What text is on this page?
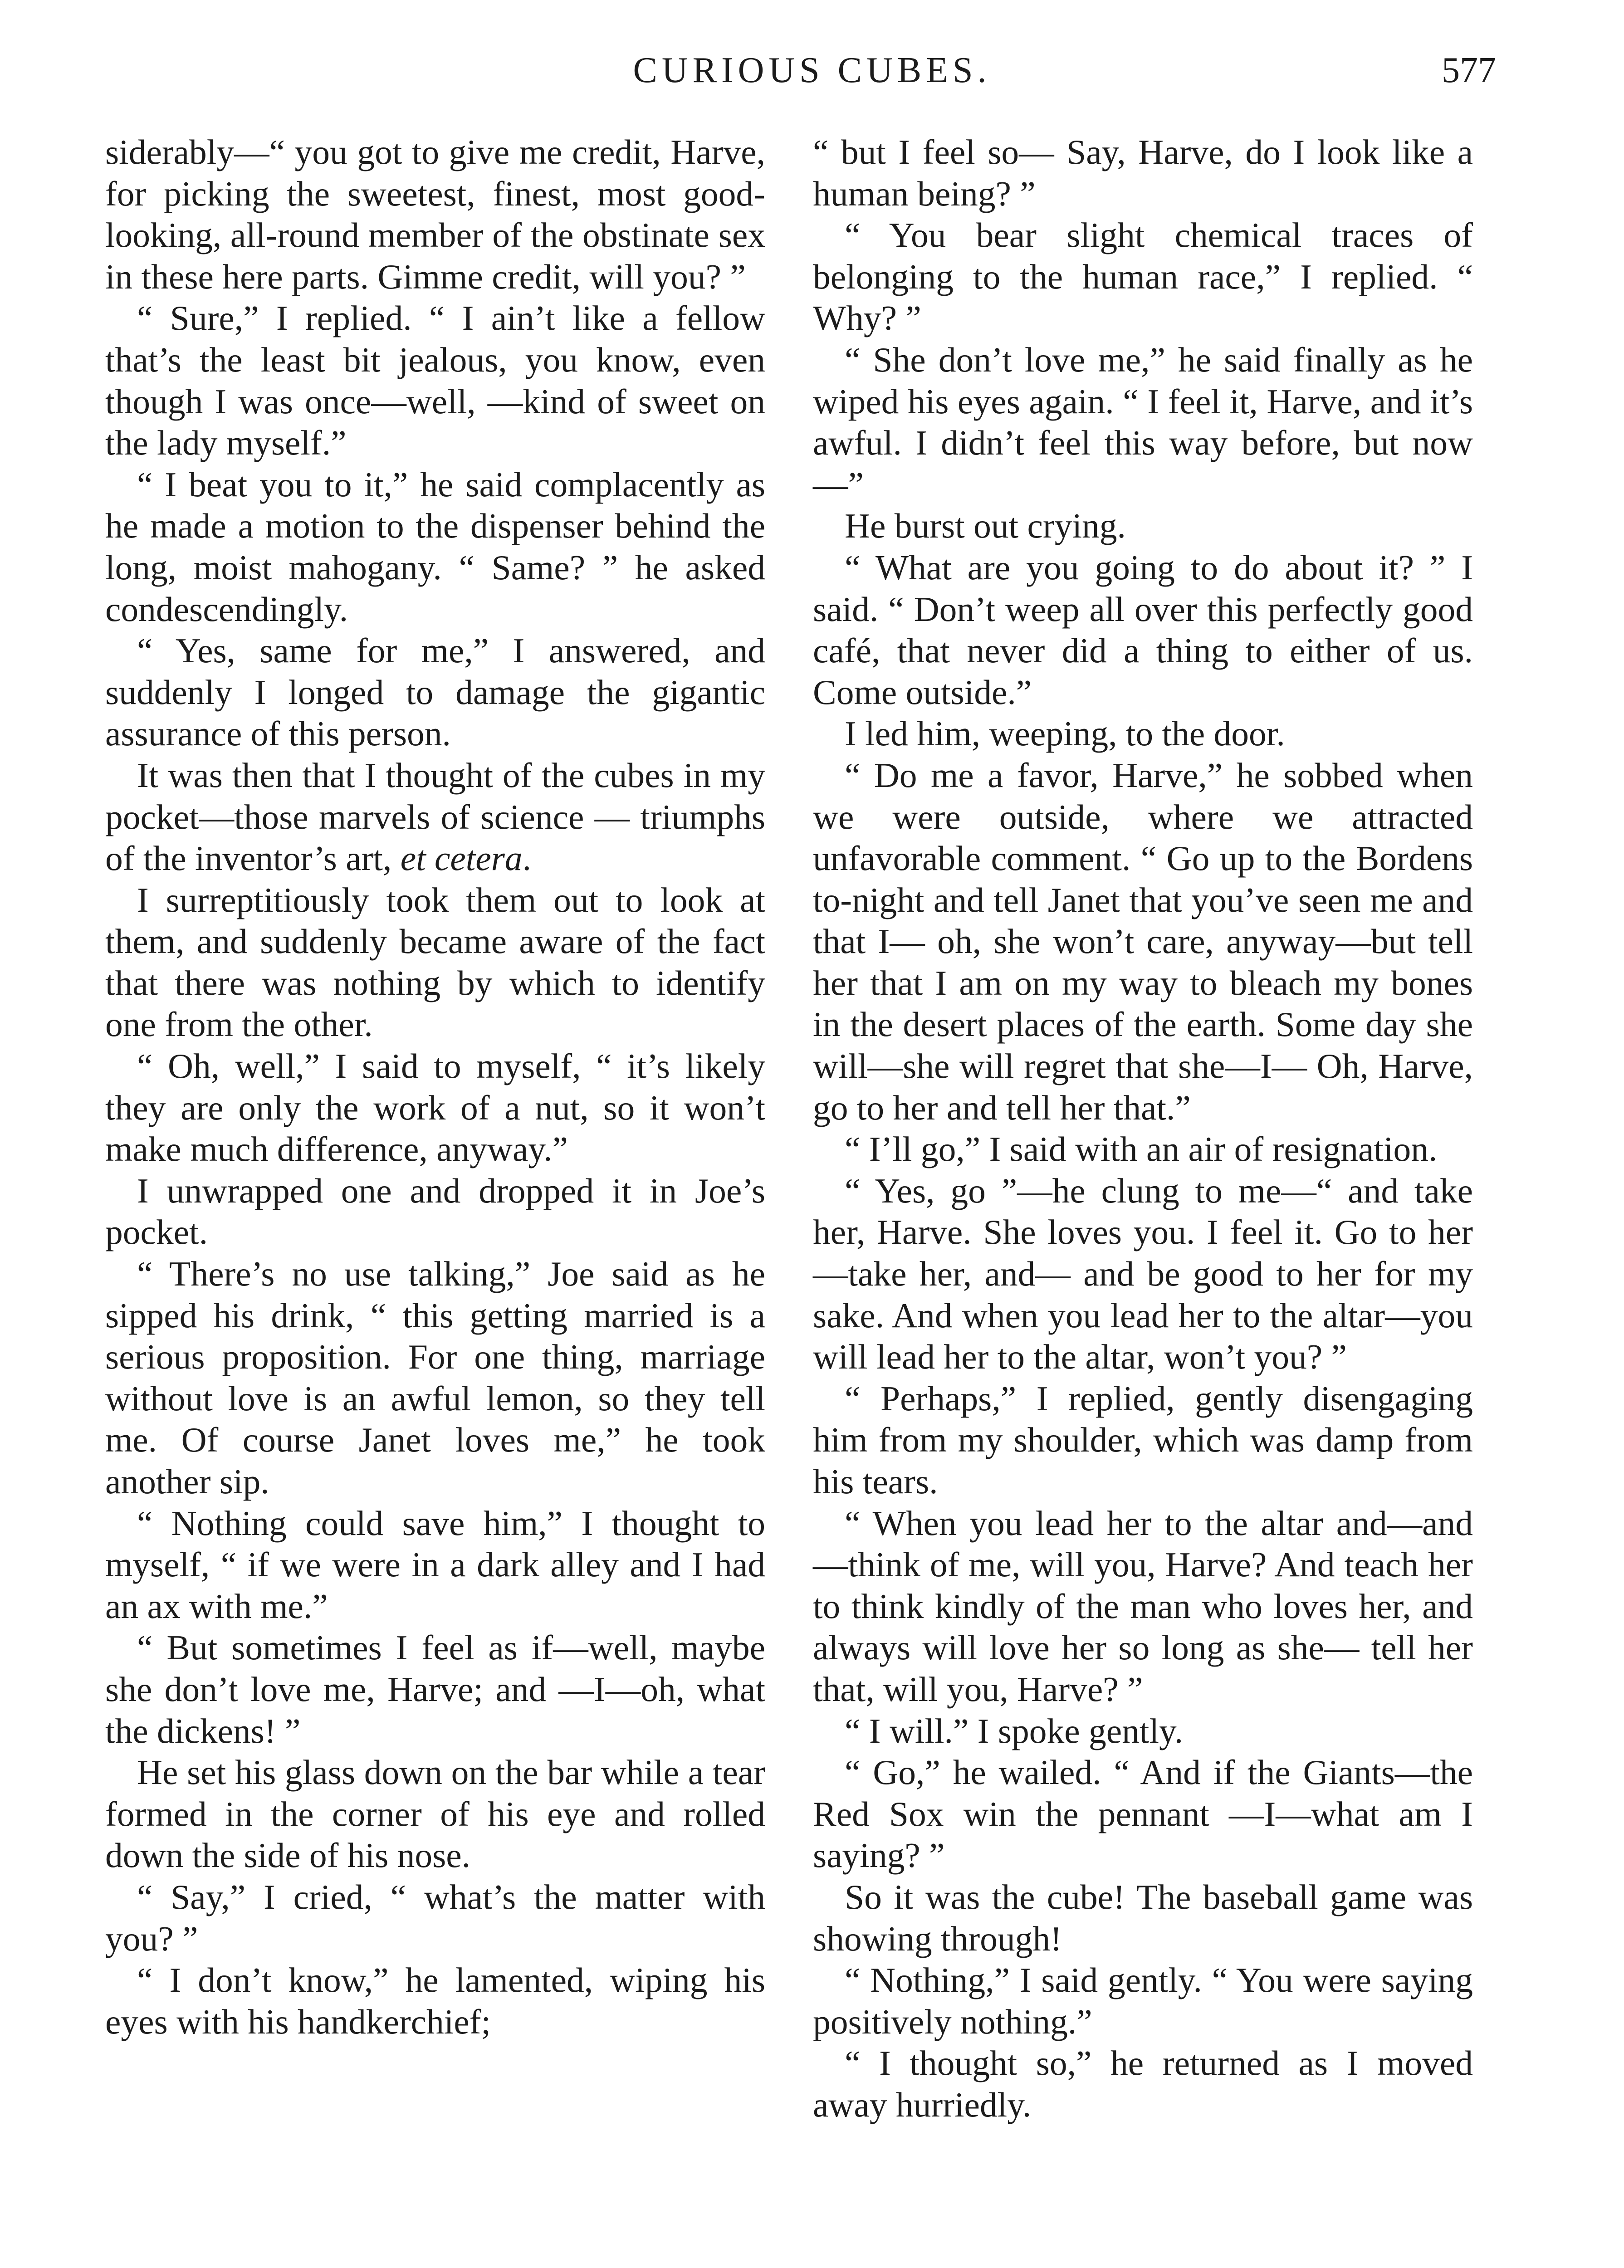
CURIOUS CUBES.	577

siderably—“ you got to give me credit, Harve, for picking the sweetest, finest, most good-looking, all-round member of the obstinate sex in these here parts. Gimme credit, will you? ”

“ Sure,” I replied. “ I ain’t like a fellow that’s the least bit jealous, you know, even though I was once—well, —kind of sweet on the lady myself.”

“ I beat you to it,” he said complacently as he made a motion to the dispenser behind the long, moist mahogany. “ Same? ” he asked condescendingly.

“ Yes, same for me,” I answered, and suddenly I longed to damage the gigantic assurance of this person.

It was then that I thought of the cubes in my pocket—those marvels of science — triumphs of the inventor’s art, et cetera.

I surreptitiously took them out to look at them, and suddenly became aware of the fact that there was nothing by which to identify one from the other.

“ Oh, well,” I said to myself, “ it’s likely they are only the work of a nut, so it won’t make much difference, anyway.”

I unwrapped one and dropped it in Joe’s pocket.

“ There’s no use talking,” Joe said as he sipped his drink, “ this getting married is a serious proposition. For one thing, marriage without love is an awful lemon, so they tell me. Of course Janet loves me,” he took another sip.

“ Nothing could save him,” I thought to myself, “ if we were in a dark alley and I had an ax with me.”

“ But sometimes I feel as if—well, maybe she don’t love me, Harve; and —I—oh, what the dickens! ”

He set his glass down on the bar while a tear formed in the corner of his eye and rolled down the side of his nose.

“ Say,” I cried, “ what’s the matter with you? ”

“ I don’t know,” he lamented, wiping his eyes with his handkerchief;

“ but I feel so— Say, Harve, do I look like a human being? ”

“ You bear slight chemical traces of belonging to the human race,” I replied. “ Why? ”

“ She don’t love me,” he said finally as he wiped his eyes again. “ I feel it, Harve, and it’s awful. I didn’t feel this way before, but now—”

He burst out crying.

“ What are you going to do about it? ” I said. “ Don’t weep all over this perfectly good café, that never did a thing to either of us. Come outside.”

I led him, weeping, to the door.

“ Do me a favor, Harve,” he sobbed when we were outside, where we attracted unfavorable comment. “ Go up to the Bordens to-night and tell Janet that you’ve seen me and that I— oh, she won’t care, anyway—but tell her that I am on my way to bleach my bones in the desert places of the earth. Some day she will—she will regret that she—I— Oh, Harve, go to her and tell her that.”

“ I’ll go,” I said with an air of resignation.

“ Yes, go ”—he clung to me—“ and take her, Harve. She loves you. I feel it. Go to her—take her, and— and be good to her for my sake. And when you lead her to the altar—you will lead her to the altar, won’t you? ”

“ Perhaps,” I replied, gently disengaging him from my shoulder, which was damp from his tears.

“ When you lead her to the altar and—and—think of me, will you, Harve? And teach her to think kindly of the man who loves her, and always will love her so long as she— tell her that, will you, Harve? ”

“ I will.” I spoke gently.

“ Go,” he wailed. “ And if the Giants—the Red Sox win the pennant —I—what am I saying? ”

So it was the cube! The baseball game was showing through!

“ Nothing,” I said gently. “ You were saying positively nothing.”

“ I thought so,” he returned as I moved away hurriedly.
